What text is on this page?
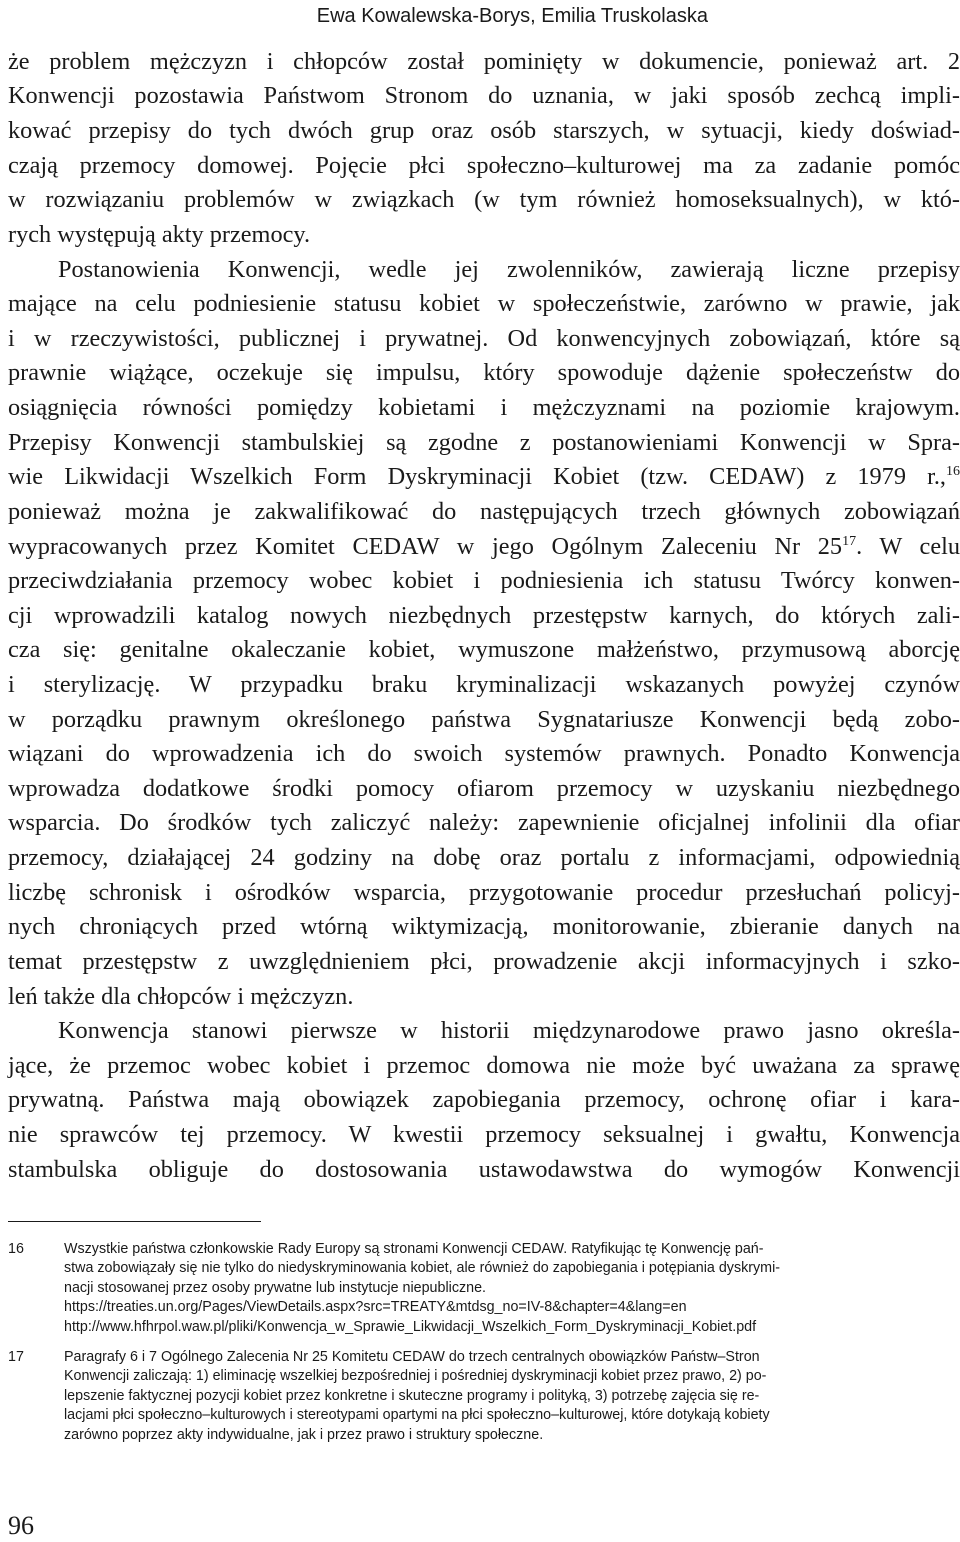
Ewa Kowalewska-Borys, Emilia Truskolaska
że problem mężczyzn i chłopców został pominięty w dokumencie, ponieważ art. 2
Konwencji pozostawia Państwom Stronom do uznania, w jaki sposób zechcą impli-
kować przepisy do tych dwóch grup oraz osób starszych, w sytuacji, kiedy doświad-
czają przemocy domowej. Pojęcie płci społeczno–kulturowej ma za zadanie pomóc
w rozwiązaniu problemów w związkach (w tym również homoseksualnych), w któ-
rych występują akty przemocy.
Postanowienia Konwencji, wedle jej zwolenników, zawierają liczne przepisy
mające na celu podniesienie statusu kobiet w społeczeństwie, zarówno w prawie, jak
i w rzeczywistości, publicznej i prywatnej. Od konwencyjnych zobowiązań, które są
prawnie wiążące, oczekuje się impulsu, który spowoduje dążenie społeczeństw do
osiągnięcia równości pomiędzy kobietami i mężczyznami na poziomie krajowym.
Przepisy Konwencji stambulskiej są zgodne z postanowieniami Konwencji w Spra-
wie Likwidacji Wszelkich Form Dyskryminacji Kobiet (tzw. CEDAW) z 1979 r.,$^{16}$
ponieważ można je zakwalifikować do następujących trzech głównych zobowiązań
wypracowanych przez Komitet CEDAW w jego Ogólnym Zaleceniu Nr $25^{17}$. W celu
przeciwdziałania przemocy wobec kobiet i podniesienia ich statusu Twórcy konwen-
cji wprowadzili katalog nowych niezbędnych przestępstw karnych, do których zali-
cza się: genitalne okaleczanie kobiet, wymuszone małżeństwo, przymusową aborcję
i sterylizację. W przypadku braku kryminalizacji wskazanych powyżej czynów
w porządku prawnym określonego państwa Sygnatariusze Konwencji będą zobo-
wiązani do wprowadzenia ich do swoich systemów prawnych. Ponadto Konwencja
wprowadza dodatkowe środki pomocy ofiarom przemocy w uzyskaniu niezbędnego
wsparcia. Do środków tych zaliczyć należy: zapewnienie oficjalnej infolinii dla ofiar
przemocy, działającej 24 godziny na dobę oraz portalu z informacjami, odpowiednią
liczbę schronisk i ośrodków wsparcia, przygotowanie procedur przesłuchań policyj-
nych chroniących przed wtórną wiktymizacją, monitorowanie, zbieranie danych na
temat przestępstw z uwzględnieniem płci, prowadzenie akcji informacyjnych i szko-
leń także dla chłopców i mężczyzn.
Konwencja stanowi pierwsze w historii międzynarodowe prawo jasno określa-
jące, że przemoc wobec kobiet i przemoc domowa nie może być uważana za sprawę
prywatną. Państwa mają obowiązek zapobiegania przemocy, ochronę ofiar i kara-
nie sprawców tej przemocy. W kwestii przemocy seksualnej i gwałtu, Konwencja
stambulska obliguje do dostosowania ustawodawstwa do wymogów Konwencji
16	Wszystkie państwa członkowskie Rady Europy są stronami Konwencji CEDAW. Ratyfikując tę Konwencję pań-
stwa zobowiązały się nie tylko do niedyskryminowania kobiet, ale również do zapobiegania i potępiania dyskrymi-
nacji stosowanej przez osoby prywatne lub instytucje niepubliczne.
https://treaties.un.org/Pages/ViewDetails.aspx?src=TREATY&mtdsg_no=IV-8&chapter=4&lang=en
http://www.hfhrpol.waw.pl/pliki/Konwencja_w_Sprawie_Likwidacji_Wszelkich_Form_Dyskryminacji_Kobiet.pdf
17	Paragrafy 6 i 7 Ogólnego Zalecenia Nr 25 Komitetu CEDAW do trzech centralnych obowiązków Państw–Stron
Konwencji zaliczają: 1) eliminację wszelkiej bezpośredniej i pośredniej dyskryminacji kobiet przez prawo, 2) po-
lepszenie faktycznej pozycji kobiet przez konkretne i skuteczne programy i polityką, 3) potrzebę zajęcia się re-
lacjami płci społeczno–kulturowych i stereotypami opartymi na płci społeczno–kulturowej, które dotykają kobiety
zarówno poprzez akty indywidualne, jak i przez prawo i struktury społeczne.
96
